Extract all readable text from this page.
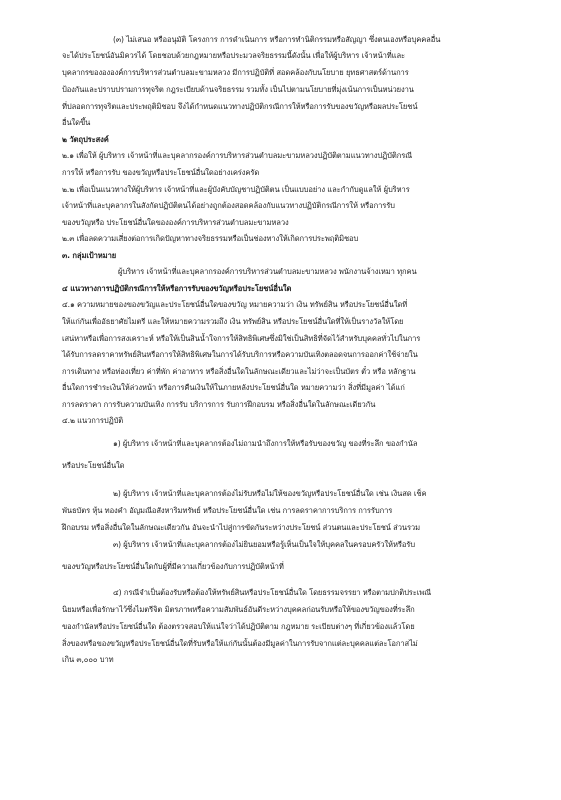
(๓) ไม่เสนอ หรืออนุมัติ โครงการ การดำเนินการ หรือการทำนิติกรรมหรือสัญญา ซึ่งตนเองหรือบุคคลอื่น
จะได้ประโยชน์อันมิควรได้ โดยชอบด้วยกฎหมายหรือประมวลจริยธรรมนี้ดังนั้น เพื่อให้ผู้บริหาร เจ้าหน้าที่และ
บุคลากรของององค์การบริหารส่วนตำบลมะขามหลวง มีการปฏิบัติที่ สอดคล้องกับนโยบาย ยุทธศาสตร์ด้านการ
ป้องกันและปราบปรามการทุจริต กฎระเบียบด้านจริยธรรม รวมทั้ง เป็นไปตามนโยบายที่มุ่งเน้นการเป็นหน่วยงาน
ที่ปลอดการทุจริตและประพฤติมิชอบ จึงได้กำหนดแนวทางปฏิบัติกรณีการให้หรือการรับของขวัญหรือผลประโยชน์
อื่นใดขึ้น
๒ วัตถุประสงค์
๒.๑ เพื่อให้ ผู้บริหาร เจ้าหน้าที่และบุคลากรองค์การบริหารส่วนตำบลมะขามหลวงปฏิบัติตามแนวทางปฏิบัติกรณี
การให้ หรือการรับ ของขวัญหรือประโยชน์อื่นใดอย่างเคร่งครัด
๒.๒ เพื่อเป็นแนวทางให้ผู้บริหาร เจ้าหน้าที่และผู้บังคับบัญชาปฏิบัติตน เป็นแบบอย่าง และกำกับดูแลให้ ผู้บริหาร
เจ้าหน้าที่และบุคลากรในสังกัดปฏิบัติตนได้อย่างถูกต้องสอดคล้องกับแนวทางปฏิบัติกรณีการให้ หรือการรับ
ของขวัญหรือ ประโยชน์อื่นใดขององค์การบริหารส่วนตำบลมะขามหลวง
๒.๓ เพื่อลดความเสี่ยงต่อการเกิดปัญหาทางจริยธรรมหรือเป็นช่องทางให้เกิดการประพฤติมิชอบ
๓. กลุ่มเป้าหมาย
ผู้บริหาร เจ้าหน้าที่และบุคลากรองค์การบริหารส่วนตำบลมะขามหลวง พนักงานจ้างเหมา ทุกคน
๔ แนวทางการปฏิบัติกรณีการให้หรือการรับของขวัญหรือประโยชน์อื่นใด
๔.๑ ความหมายของของขวัญและประโยชน์อื่นใดของขวัญ หมายความว่า เงิน ทรัพย์สิน หรือประโยชน์อื่นใดที่
ให้แก่กันเพื่ออัธยาศัยไมตรี และให้หมายความรวมถึง เงิน ทรัพย์สิน หรือประโยชน์อื่นใดที่ให้เป็นรางวัลให้โดย
เสน่หาหรือเพื่อการสงเคราะห์ หรือให้เป็นสินน้ำใจการให้สิทธิพิเศษซึ่งมิใช่เป็นสิทธิที่จัดไว้สำหรับบุคคลทั่วไปในการ
ได้รับการลดราคาทรัพย์สินหรือการให้สิทธิพิเศษในการได้รับบริการหรือความบันเทิงตลอดจนการออกค่าใช้จ่ายใน
การเดินทาง หรือท่องเที่ยว ค่าที่พัก ค่าอาหาร หรือสิ่งอื่นใดในลักษณะเดียวและไม่ว่าจะเป็นบัตร ตั๋ว หรือ หลักฐาน
อื่นใดการชำระเงินให้ล่วงหน้า หรือการคืนเงินให้ในภายหลังประโยชน์อื่นใด หมายความว่า สิ่งที่มีมูลค่า ได้แก่
การลดราคา การรับความบันเทิง การรับ บริการการ รับการฝึกอบรม หรือสิ่งอื่นใดในลักษณะเดียวกัน
๔.๒ แนวการปฏิบัติ
๑) ผู้บริหาร เจ้าหน้าที่และบุคลากรต้องไม่ถามนำถึงการให้หรือรับของขวัญ ของที่ระลึก ของกำนัล
หรือประโยชน์อื่นใด
๒) ผู้บริหาร เจ้าหน้าที่และบุคลากรต้องไม่รับหรือไม่ให้ของขวัญหรือประโยชน์อื่นใด เช่น เงินสด เช็ค
พันธบัตร หุ้น ทองคำ อัญมณีอสังหาริมทรัพย์ หรือประโยชน์อื่นใด เช่น การลดราคาการบริการ การรับการ
ฝึกอบรม หรือสิ่งอื่นใดในลักษณะเดียวกัน อันจะนำไปสู่การขัดกันระหว่างประโยชน์ ส่วนตนและประโยชน์ ส่วนรวม
๓) ผู้บริหาร เจ้าหน้าที่และบุคลากรต้องไม่ยินยอมหรือรู้เห็นเป็นใจให้บุคคลในครอบครัวให้หรือรับ
ของขวัญหรือประโยชน์อื่นใดกับผู้ที่มีความเกี่ยวข้องกับการปฏิบัติหน้าที่
๔) กรณีจำเป็นต้องรับหรือต้องให้ทรัพย์สินหรือประโยชน์อื่นใด โดยธรรมจรรยา หรือตามปกติประเพณี
นิยมหรือเพื่อรักษาไว้ซึ่งไมตรีจิต มิตรภาพหรือความสัมพันธ์อันดีระหว่างบุคคลก่อนรับหรือให้ของขวัญของที่ระลึก
ของกำนัลหรือประโยชน์อื่นใด ต้องตรวจสอบให้แน่ใจว่าได้ปฏิบัติตาม กฎหมาย ระเบียบต่างๆ ที่เกี่ยวข้องแล้วโดย
สิ่งของหรือของขวัญหรือประโยชน์อื่นใดที่รับหรือให้แก่กันนั้นต้องมีมูลค่าในการรับจากแต่ละบุคคลแต่ละโอกาสไม่
เกิน ๓,๐๐๐ บาท
